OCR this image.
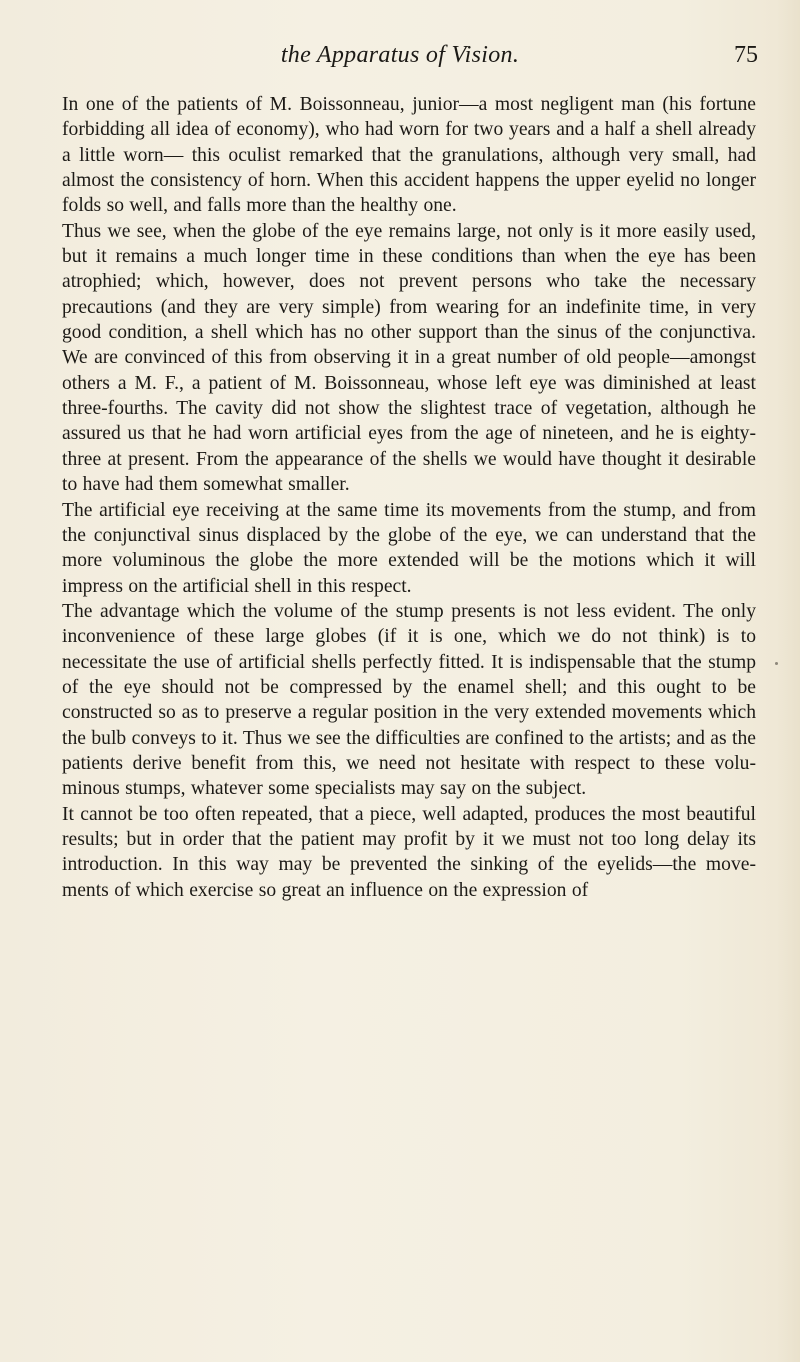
the Apparatus of Vision.	75

In one of the patients of M. Boissonneau, junior—a most negligent man (his fortune forbidding all idea of economy), who had worn for two years and a half a shell already a little worn— this oculist remarked that the granulations, although very small, had almost the consistency of horn. When this accident happens the upper eyelid no longer folds so well, and falls more than the healthy one.

Thus we see, when the globe of the eye remains large, not only is it more easily used, but it remains a much longer time in these conditions than when the eye has been atrophied; which, however, does not prevent persons who take the necessary precautions (and they are very simple) from wearing for an indefinite time, in very good condition, a shell which has no other support than the sinus of the conjunctiva. We are convinced of this from observing it in a great number of old people—amongst others a M. F., a patient of M. Boissonneau, whose left eye was diminished at least three-fourths. The cavity did not show the slightest trace of vegetation, although he assured us that he had worn artificial eyes from the age of nineteen, and he is eighty-three at present. From the appearance of the shells we would have thought it desirable to have had them somewhat smaller.

The artificial eye receiving at the same time its movements from the stump, and from the conjunctival sinus displaced by the globe of the eye, we can understand that the more voluminous the globe the more extended will be the motions which it will impress on the artificial shell in this respect.

The advantage which the volume of the stump presents is not less evident. The only inconvenience of these large globes (if it is one, which we do not think) is to necessitate the use of artificial shells perfectly fitted. It is indispensable that the stump of the eye should not be compressed by the enamel shell; and this ought to be constructed so as to preserve a regular position in the very extended movements which the bulb conveys to it. Thus we see the difficulties are confined to the artists; and as the patients derive benefit from this, we need not hesitate with respect to these volu- minous stumps, whatever some specialists may say on the subject.

It cannot be too often repeated, that a piece, well adapted, produces the most beautiful results; but in order that the patient may profit by it we must not too long delay its introduction. In this way may be prevented the sinking of the eyelids—the move- ments of which exercise so great an influence on the expression of
